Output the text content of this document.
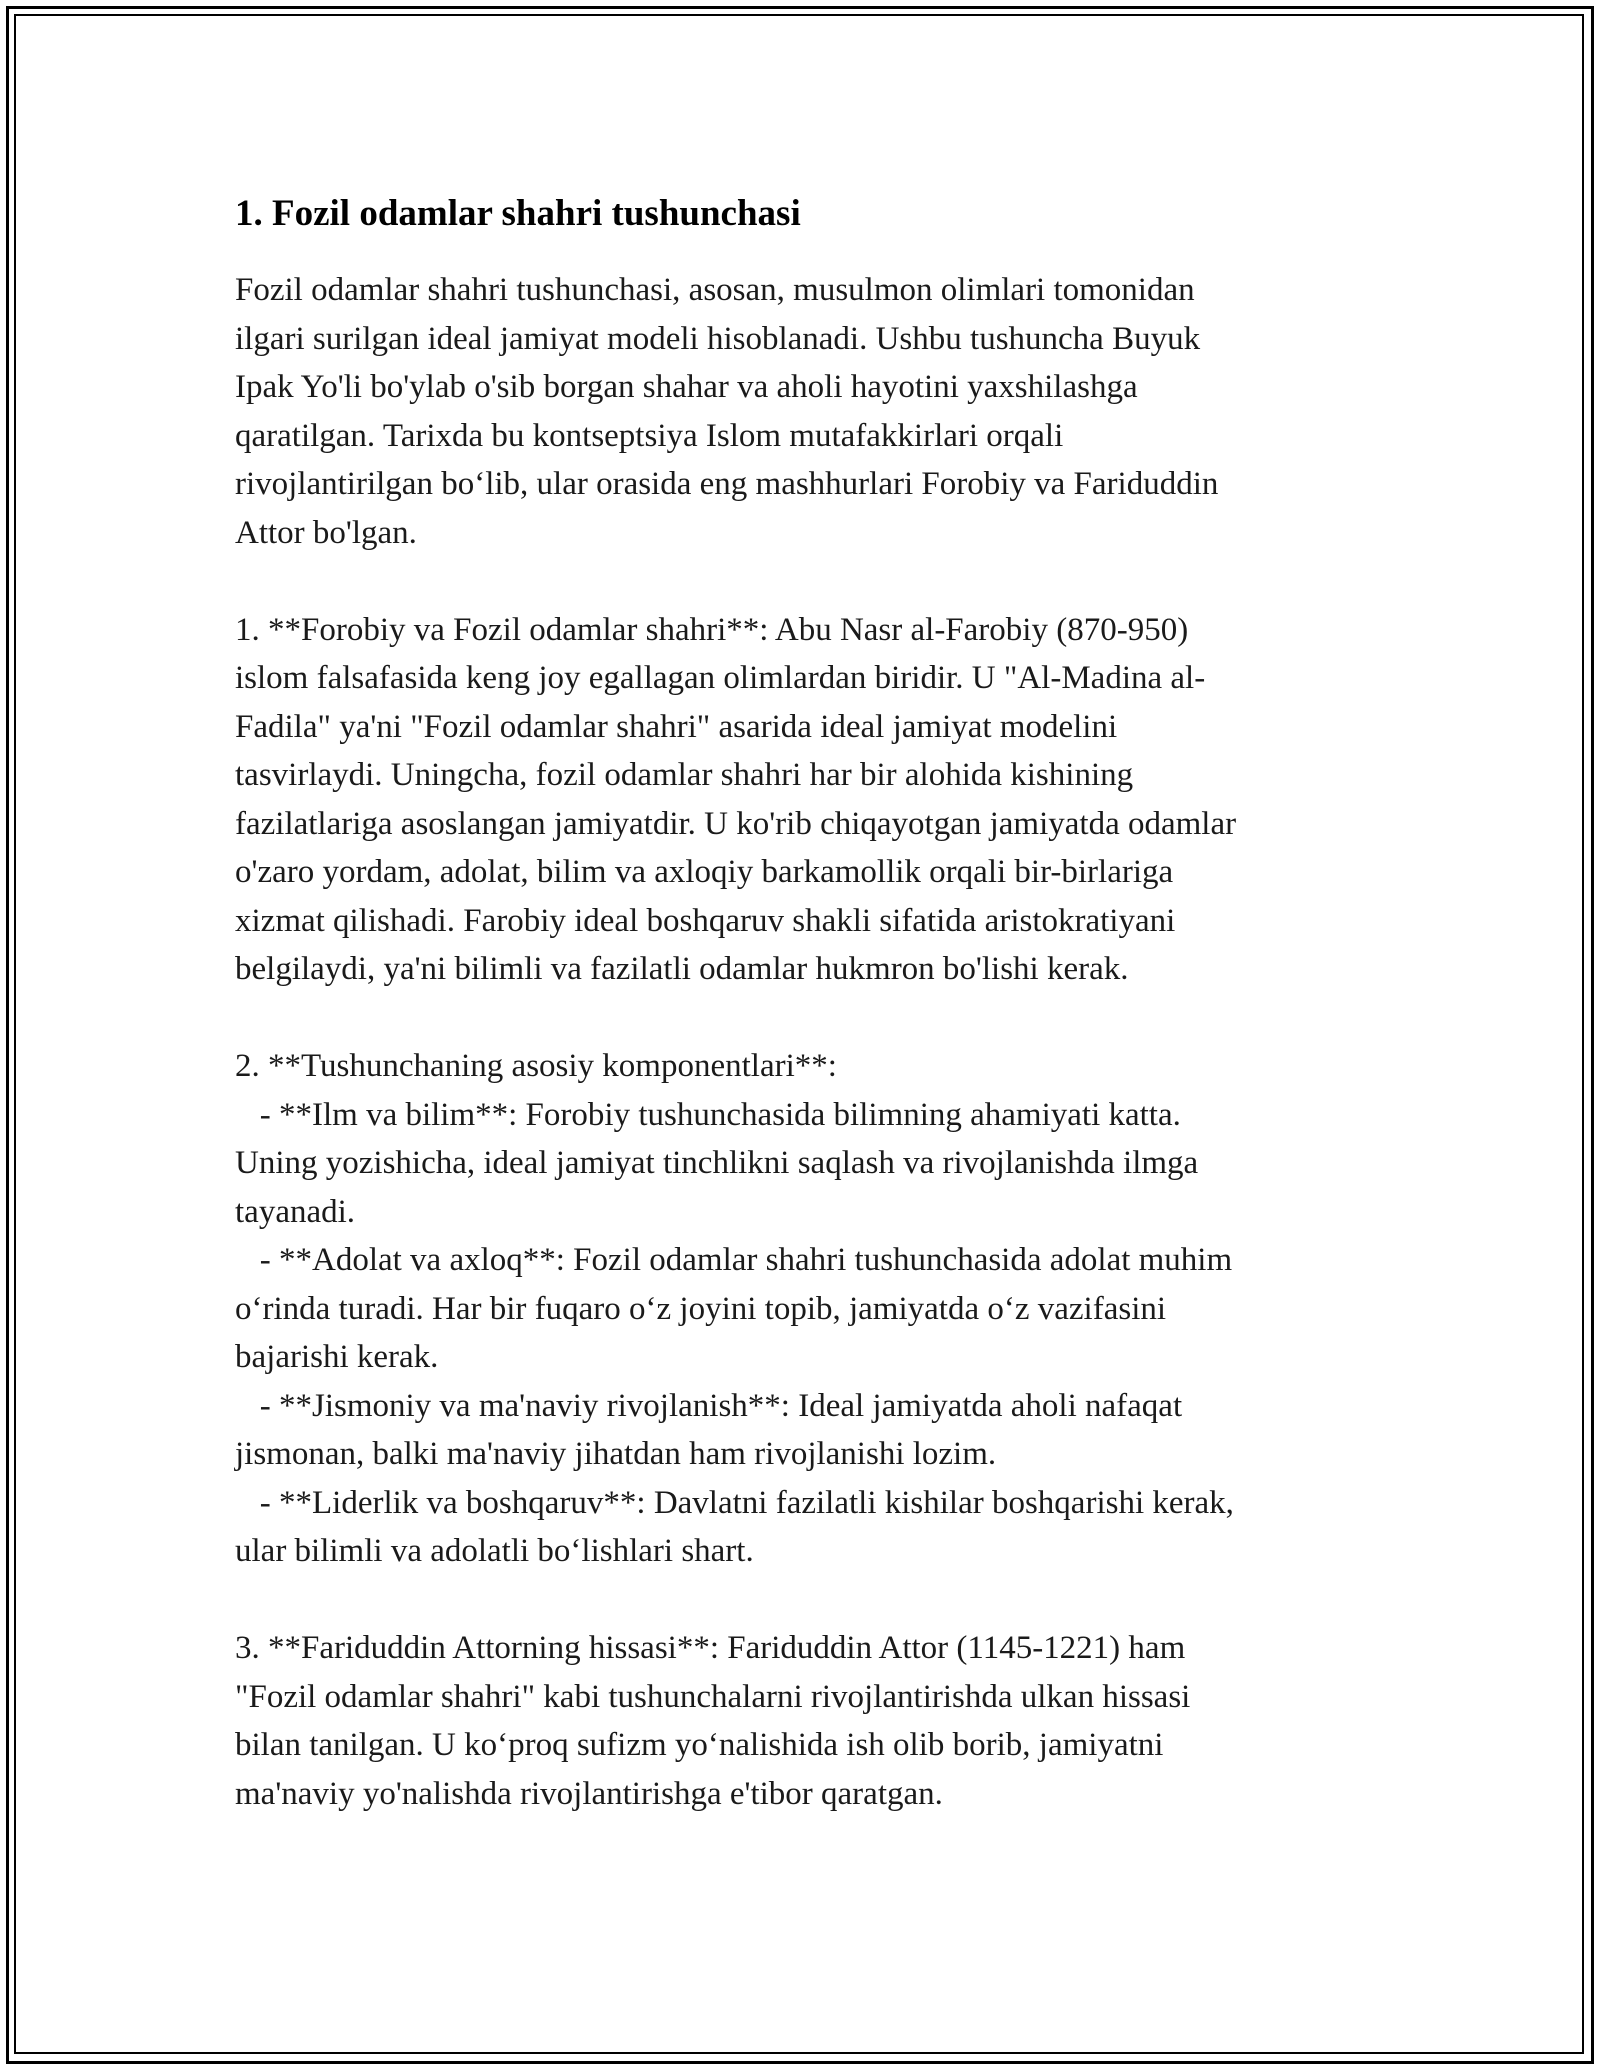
1. Fozil odamlar shahri tushunchasi

Fozil odamlar shahri tushunchasi, asosan, musulmon olimlari tomonidan
ilgari surilgan ideal jamiyat modeli hisoblanadi. Ushbu tushuncha Buyuk
Ipak Yo'li bo'ylab o'sib borgan shahar va aholi hayotini yaxshilashga
qaratilgan. Tarixda bu kontseptsiya Islom mutafakkirlari orqali
rivojlantirilgan bo‘lib, ular orasida eng mashhurlari Forobiy va Fariduddin
Attor bo'lgan.

1. **Forobiy va Fozil odamlar shahri**: Abu Nasr al-Farobiy (870-950)
islom falsafasida keng joy egallagan olimlardan biridir. U "Al-Madina al-
Fadila" ya'ni "Fozil odamlar shahri" asarida ideal jamiyat modelini
tasvirlaydi. Uningcha, fozil odamlar shahri har bir alohida kishining
fazilatlariga asoslangan jamiyatdir. U ko'rib chiqayotgan jamiyatda odamlar
o'zaro yordam, adolat, bilim va axloqiy barkamollik orqali bir-birlariga
xizmat qilishadi. Farobiy ideal boshqaruv shakli sifatida aristokratiyani
belgilaydi, ya'ni bilimli va fazilatli odamlar hukmron bo'lishi kerak.

2. **Tushunchaning asosiy komponentlari**:
- **Ilm va bilim**: Forobiy tushunchasida bilimning ahamiyati katta.
Uning yozishicha, ideal jamiyat tinchlikni saqlash va rivojlanishda ilmga
tayanadi.
- **Adolat va axloq**: Fozil odamlar shahri tushunchasida adolat muhim
o‘rinda turadi. Har bir fuqaro o‘z joyini topib, jamiyatda o‘z vazifasini
bajarishi kerak.
- **Jismoniy va ma'naviy rivojlanish**: Ideal jamiyatda aholi nafaqat
jismonan, balki ma'naviy jihatdan ham rivojlanishi lozim.
- **Liderlik va boshqaruv**: Davlatni fazilatli kishilar boshqarishi kerak,
ular bilimli va adolatli bo‘lishlari shart.

3. **Fariduddin Attorning hissasi**: Fariduddin Attor (1145-1221) ham
"Fozil odamlar shahri" kabi tushunchalarni rivojlantirishda ulkan hissasi
bilan tanilgan. U ko‘proq sufizm yo‘nalishida ish olib borib, jamiyatni
ma'naviy yo'nalishda rivojlantirishga e'tibor qaratgan.
